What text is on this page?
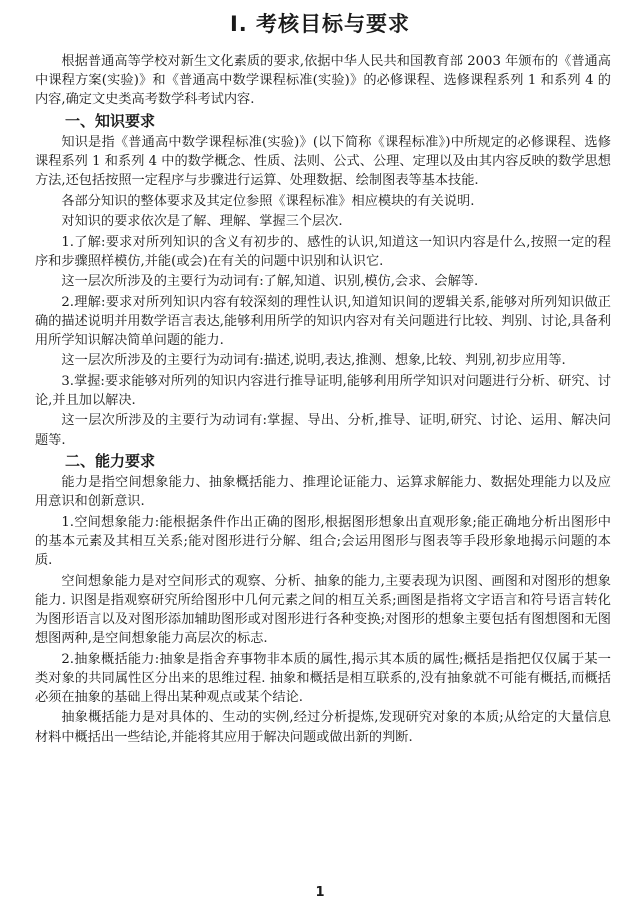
Ⅰ. 考核目标与要求

根据普通高等学校对新生文化素质的要求,依据中华人民共和国教育部 2003 年颁布的《普通高中课程方案(实验)》和《普通高中数学课程标准(实验)》的必修课程、选修课程系列 1 和系列 4 的内容,确定文史类高考数学科考试内容.

一、知识要求

知识是指《普通高中数学课程标准(实验)》(以下简称《课程标准》)中所规定的必修课程、选修课程系列 1 和系列 4 中的数学概念、性质、法则、公式、公理、定理以及由其内容反映的数学思想方法,还包括按照一定程序与步骤进行运算、处理数据、绘制图表等基本技能.

各部分知识的整体要求及其定位参照《课程标准》相应模块的有关说明.

对知识的要求依次是了解、理解、掌握三个层次.

1.了解:要求对所列知识的含义有初步的、感性的认识,知道这一知识内容是什么,按照一定的程序和步骤照样模仿,并能(或会)在有关的问题中识别和认识它.

这一层次所涉及的主要行为动词有:了解,知道、识别,模仿,会求、会解等.

2.理解:要求对所列知识内容有较深刻的理性认识,知道知识间的逻辑关系,能够对所列知识做正确的描述说明并用数学语言表达,能够利用所学的知识内容对有关问题进行比较、判别、讨论,具备利用所学知识解决简单问题的能力.

这一层次所涉及的主要行为动词有:描述,说明,表达,推测、想象,比较、判别,初步应用等.

3.掌握:要求能够对所列的知识内容进行推导证明,能够利用所学知识对问题进行分析、研究、讨论,并且加以解决.

这一层次所涉及的主要行为动词有:掌握、导出、分析,推导、证明,研究、讨论、运用、解决问题等.

二、能力要求

能力是指空间想象能力、抽象概括能力、推理论证能力、运算求解能力、数据处理能力以及应用意识和创新意识.

1.空间想象能力:能根据条件作出正确的图形,根据图形想象出直观形象;能正确地分析出图形中的基本元素及其相互关系;能对图形进行分解、组合;会运用图形与图表等手段形象地揭示问题的本质.

空间想象能力是对空间形式的观察、分析、抽象的能力,主要表现为识图、画图和对图形的想象能力. 识图是指观察研究所给图形中几何元素之间的相互关系;画图是指将文字语言和符号语言转化为图形语言以及对图形添加辅助图形或对图形进行各种变换;对图形的想象主要包括有图想图和无图想图两种,是空间想象能力高层次的标志.

2.抽象概括能力:抽象是指舍弃事物非本质的属性,揭示其本质的属性;概括是指把仅仅属于某一类对象的共同属性区分出来的思维过程. 抽象和概括是相互联系的,没有抽象就不可能有概括,而概括必须在抽象的基础上得出某种观点或某个结论.

抽象概括能力是对具体的、生动的实例,经过分析提炼,发现研究对象的本质;从给定的大量信息材料中概括出一些结论,并能将其应用于解决问题或做出新的判断.

1
